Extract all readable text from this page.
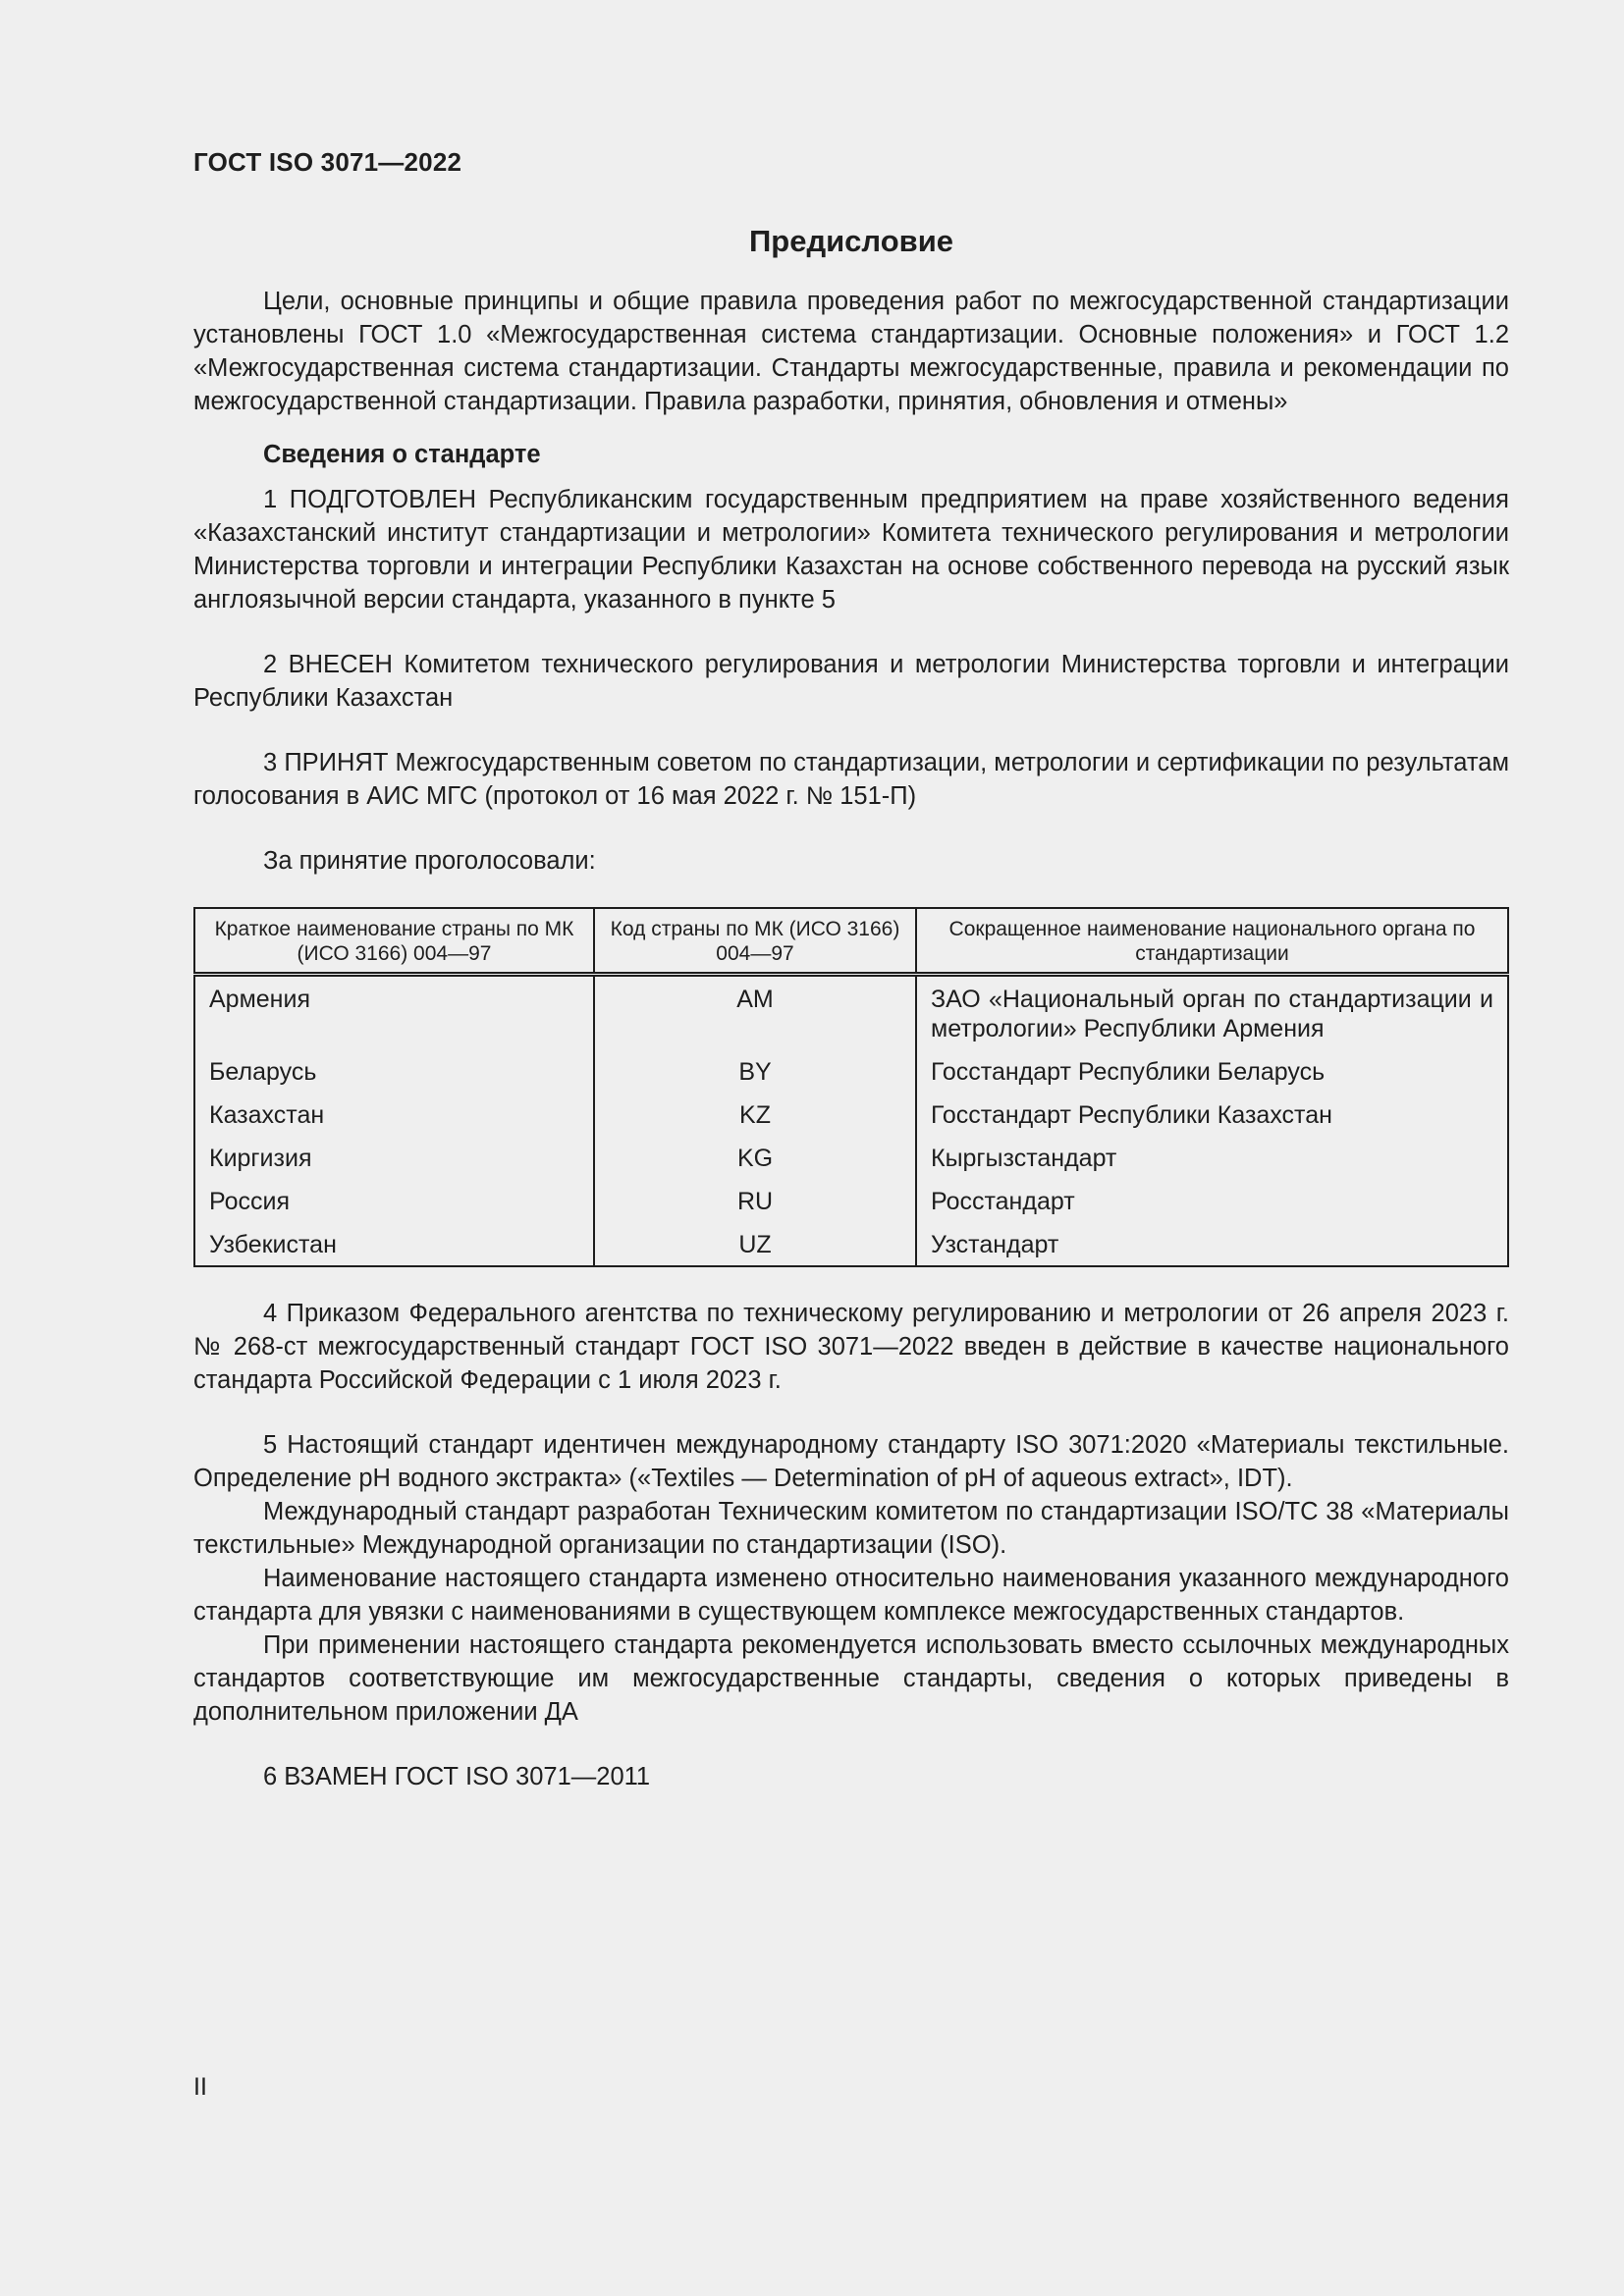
ГОСТ ISO 3071—2022
Предисловие

Цели, основные принципы и общие правила проведения работ по межгосударственной стандартизации установлены ГОСТ 1.0 «Межгосударственная система стандартизации. Основные положения» и ГОСТ 1.2 «Межгосударственная система стандартизации. Стандарты межгосударственные, правила и рекомендации по межгосударственной стандартизации. Правила разработки, принятия, обновления и отмены»

Сведения о стандарте

1 ПОДГОТОВЛЕН Республиканским государственным предприятием на праве хозяйственного ведения «Казахстанский институт стандартизации и метрологии» Комитета технического регулирования и метрологии Министерства торговли и интеграции Республики Казахстан на основе собственного перевода на русский язык англоязычной версии стандарта, указанного в пункте 5

2 ВНЕСЕН Комитетом технического регулирования и метрологии Министерства торговли и интеграции Республики Казахстан

3 ПРИНЯТ Межгосударственным советом по стандартизации, метрологии и сертификации по результатам голосования в АИС МГС (протокол от 16 мая 2022 г. № 151-П)

За принятие проголосовали:

Краткое наименование страны по МК (ИСО 3166) 004—97	Код страны по МК (ИСО 3166) 004—97	Сокращенное наименование национального органа по стандартизации
Армения	AM	ЗАО «Национальный орган по стандартизации и метрологии» Республики Армения
Беларусь	BY	Госстандарт Республики Беларусь
Казахстан	KZ	Госстандарт Республики Казахстан
Киргизия	KG	Кыргызстандарт
Россия	RU	Росстандарт
Узбекистан	UZ	Узстандарт

4 Приказом Федерального агентства по техническому регулированию и метрологии от 26 апреля 2023 г. № 268-ст межгосударственный стандарт ГОСТ ISO 3071—2022 введен в действие в качестве национального стандарта Российской Федерации с 1 июля 2023 г.

5 Настоящий стандарт идентичен международному стандарту ISO 3071:2020 «Материалы текстильные. Определение рН водного экстракта» («Textiles — Determination of pH of aqueous extract», IDT).

Международный стандарт разработан Техническим комитетом по стандартизации ISO/TC 38 «Материалы текстильные» Международной организации по стандартизации (ISO).

Наименование настоящего стандарта изменено относительно наименования указанного международного стандарта для увязки с наименованиями в существующем комплексе межгосударственных стандартов.

При применении настоящего стандарта рекомендуется использовать вместо ссылочных международных стандартов соответствующие им межгосударственные стандарты, сведения о которых приведены в дополнительном приложении ДА

6 ВЗАМЕН ГОСТ ISO 3071—2011

II
